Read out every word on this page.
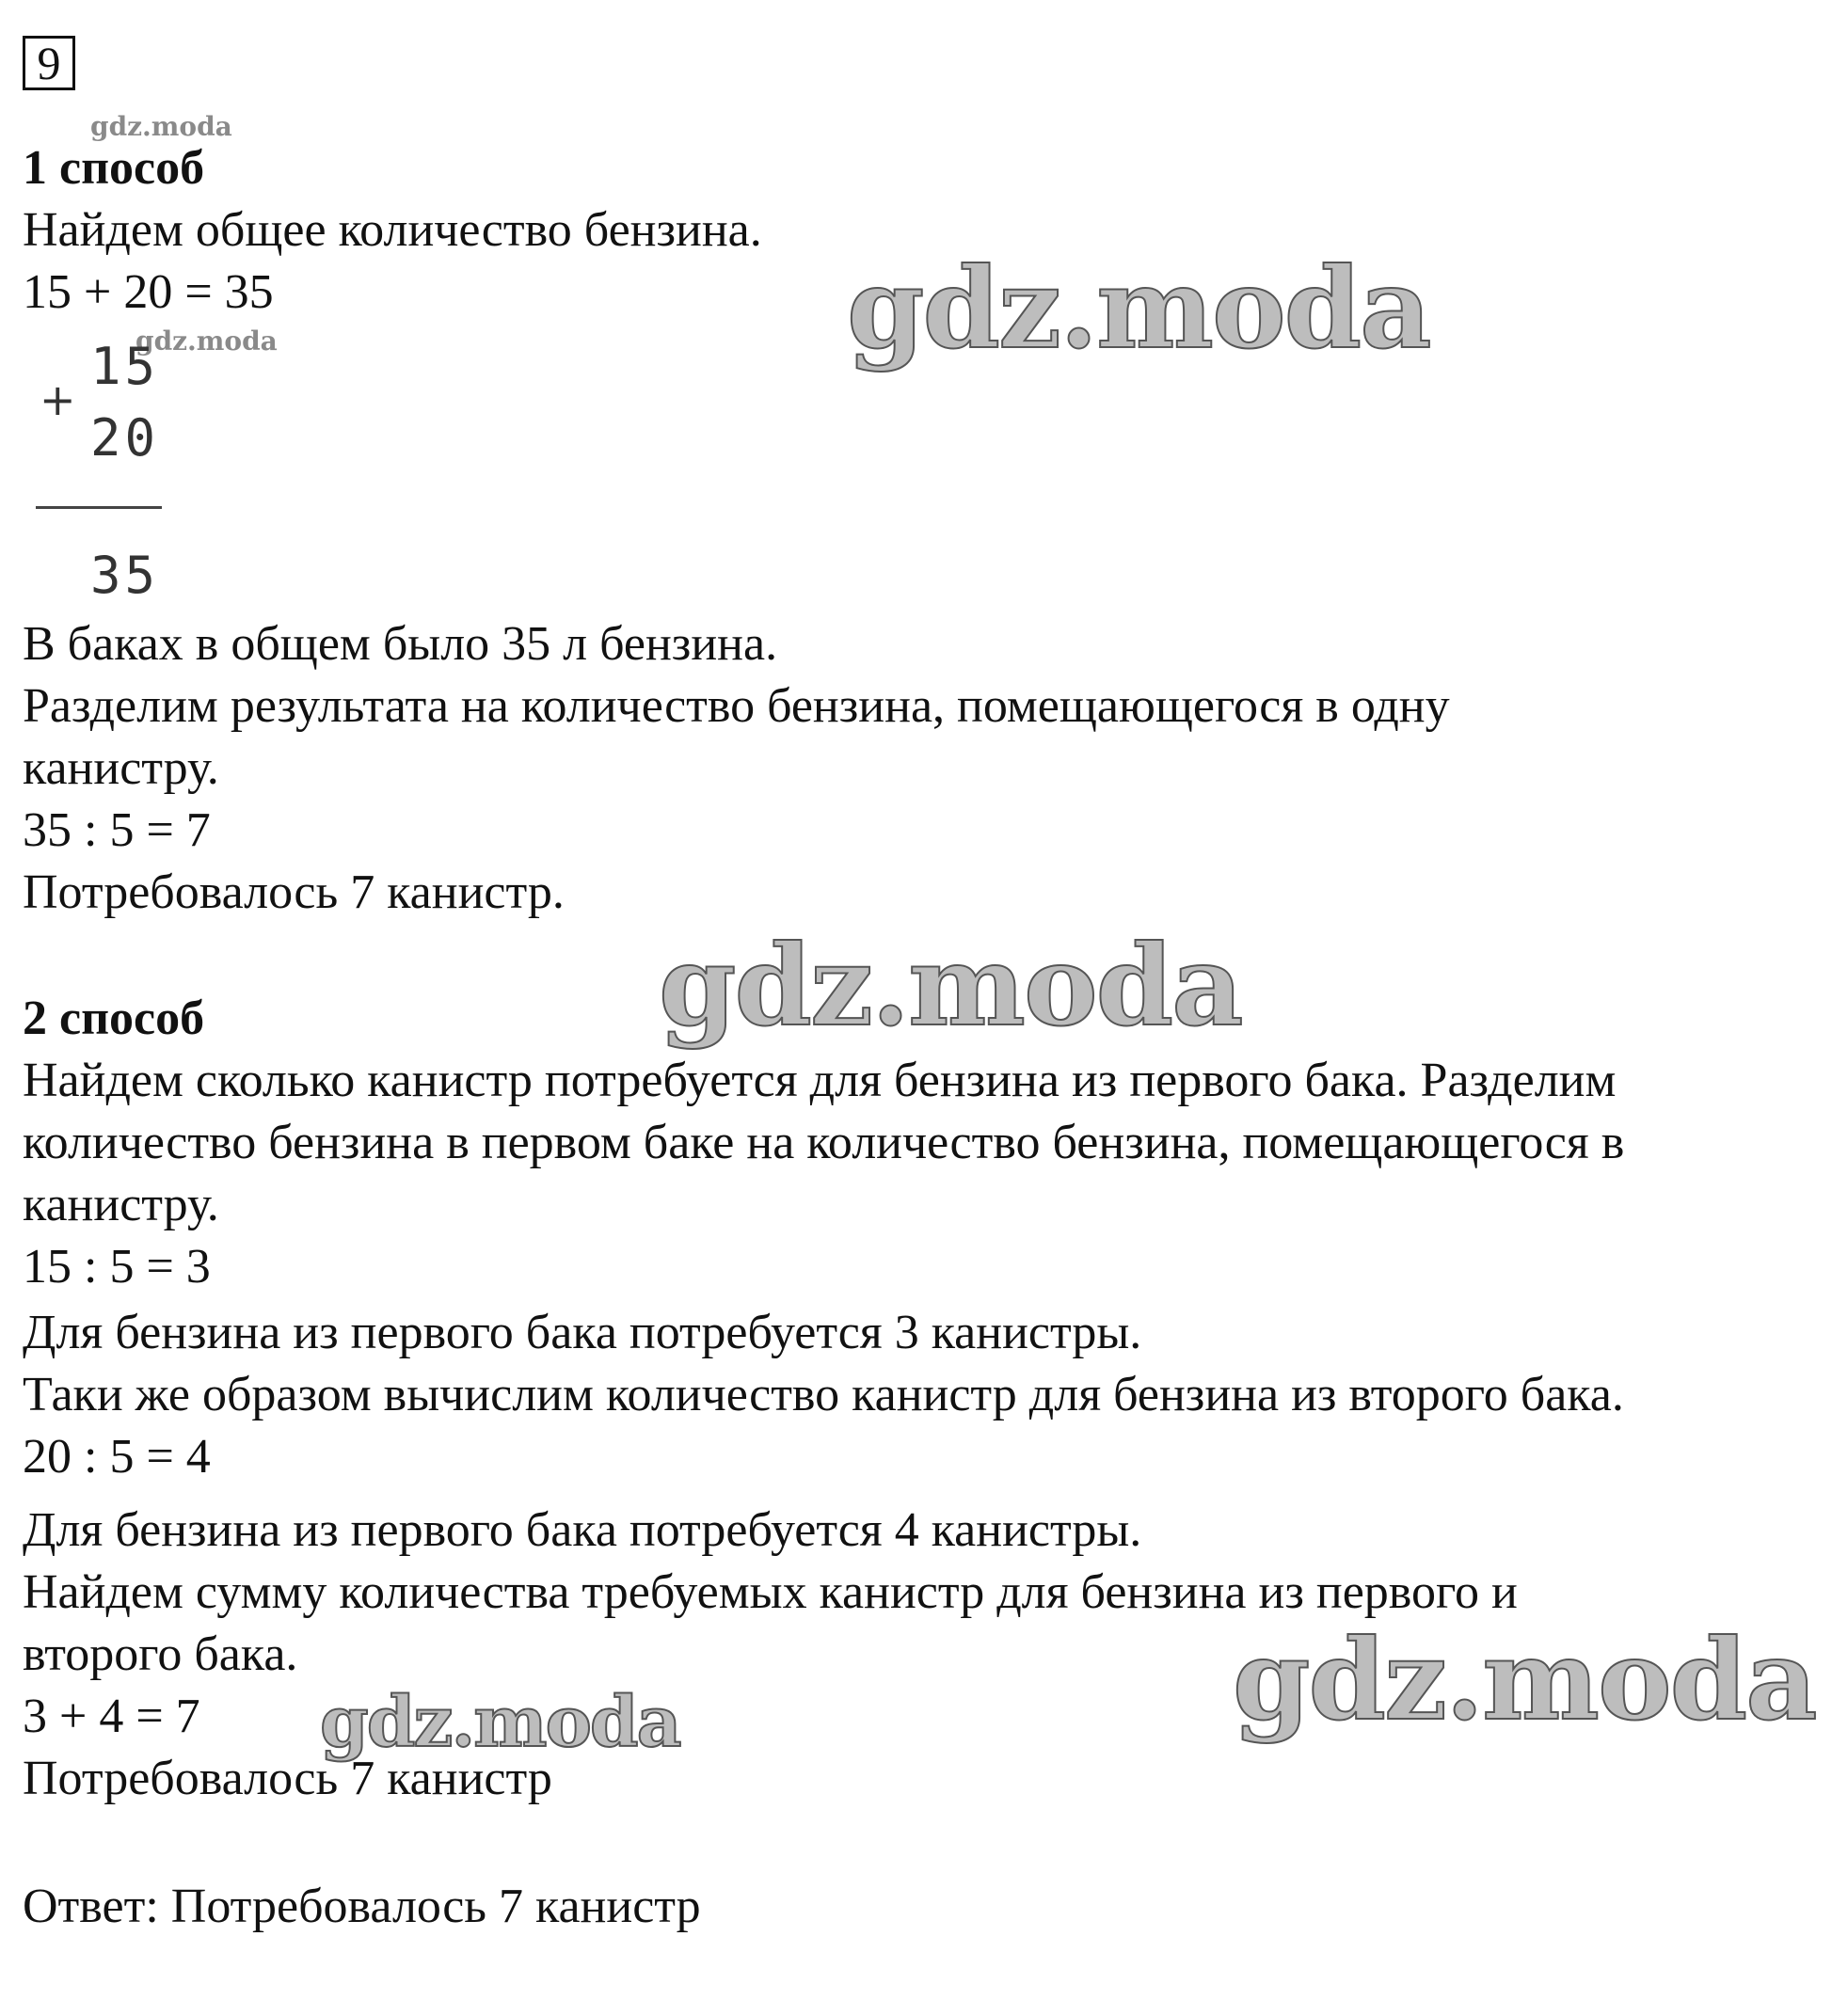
9
gdz.moda

1 способ

Найдем общее количество бензина.

15 + 20 = 35	gdz.moda
gdz.moda
15
+
20
35

В баках в общем было 35 л бензина.

Разделим результата на количество бензина, помещающегося в одну

канистру.

35 : 5 = 7

Потребовалось 7 канистр.

gdz.moda

2 способ

Найдем сколько канистр потребуется для бензина из первого бака. Разделим

количество бензина в первом баке на количество бензина, помещающегося в

канистру.

15 : 5 = 3

Для бензина из первого бака потребуется 3 канистры.

Таки же образом вычислим количество канистр для бензина из второго бака.

20 : 5 = 4

Для бензина из первого бака потребуется 4 канистры.

Найдем сумму количества требуемых канистр для бензина из первого и

второго бака.	gdz.moda

3 + 4 = 7 gdz.moda

Потребовалось 7 канистр

Ответ: Потребовалось 7 канистр
